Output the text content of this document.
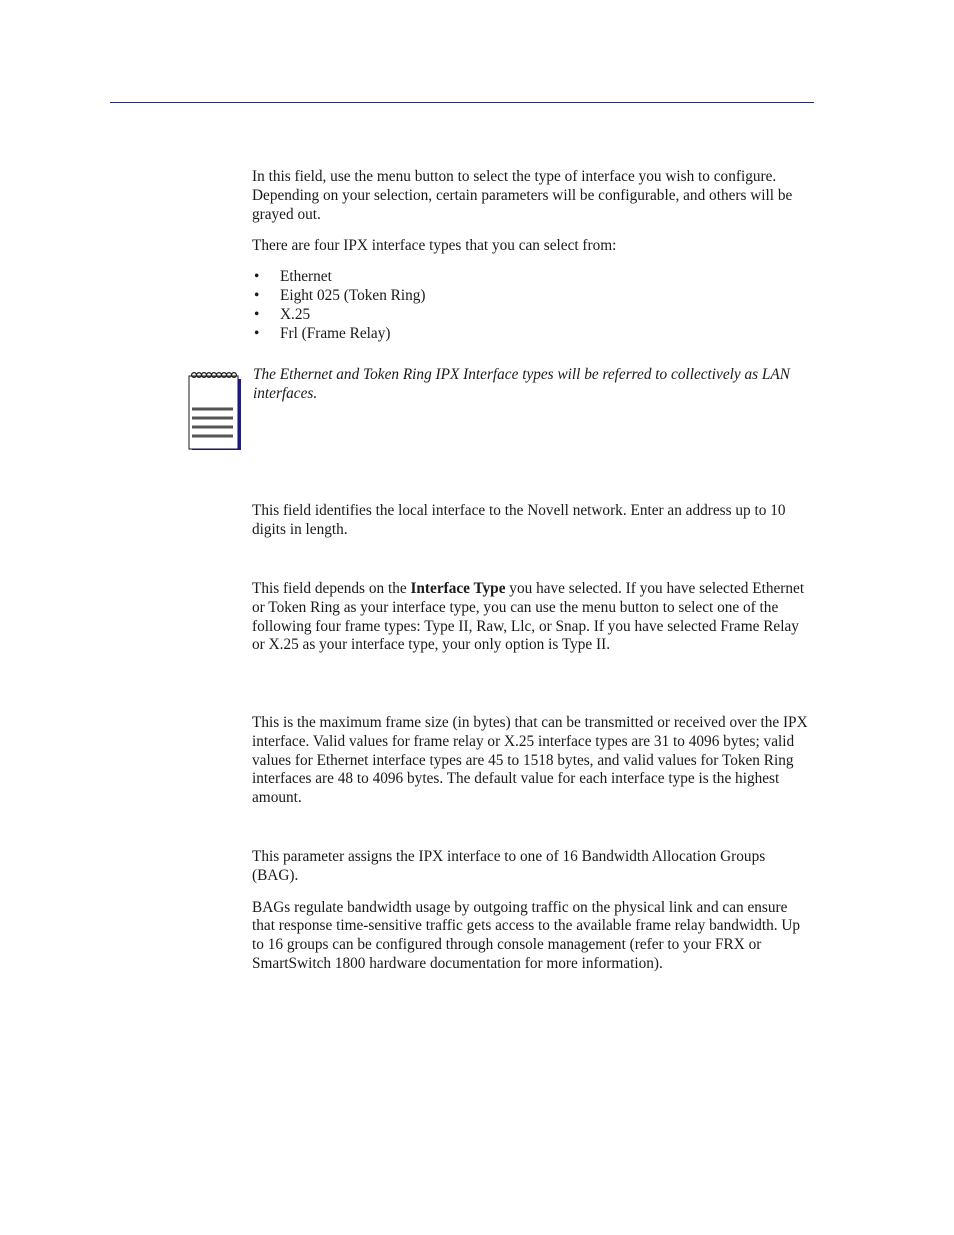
In this field, use the menu button to select the type of interface you wish to configure. Depending on your selection, certain parameters will be configurable, and others will be grayed out.

There are four IPX interface types that you can select from:

• Ethernet
• Eight 025 (Token Ring)
• X.25
• Frl (Frame Relay)

The Ethernet and Token Ring IPX Interface types will be referred to collectively as LAN interfaces.

This field identifies the local interface to the Novell network. Enter an address up to 10 digits in length.

This field depends on the Interface Type you have selected. If you have selected Ethernet or Token Ring as your interface type, you can use the menu button to select one of the following four frame types: Type II, Raw, Llc, or Snap. If you have selected Frame Relay or X.25 as your interface type, your only option is Type II.

This is the maximum frame size (in bytes) that can be transmitted or received over the IPX interface. Valid values for frame relay or X.25 interface types are 31 to 4096 bytes; valid values for Ethernet interface types are 45 to 1518 bytes, and valid values for Token Ring interfaces are 48 to 4096 bytes. The default value for each interface type is the highest amount.

This parameter assigns the IPX interface to one of 16 Bandwidth Allocation Groups (BAG).

BAGs regulate bandwidth usage by outgoing traffic on the physical link and can ensure that response time-sensitive traffic gets access to the available frame relay bandwidth. Up to 16 groups can be configured through console management (refer to your FRX or SmartSwitch 1800 hardware documentation for more information).
